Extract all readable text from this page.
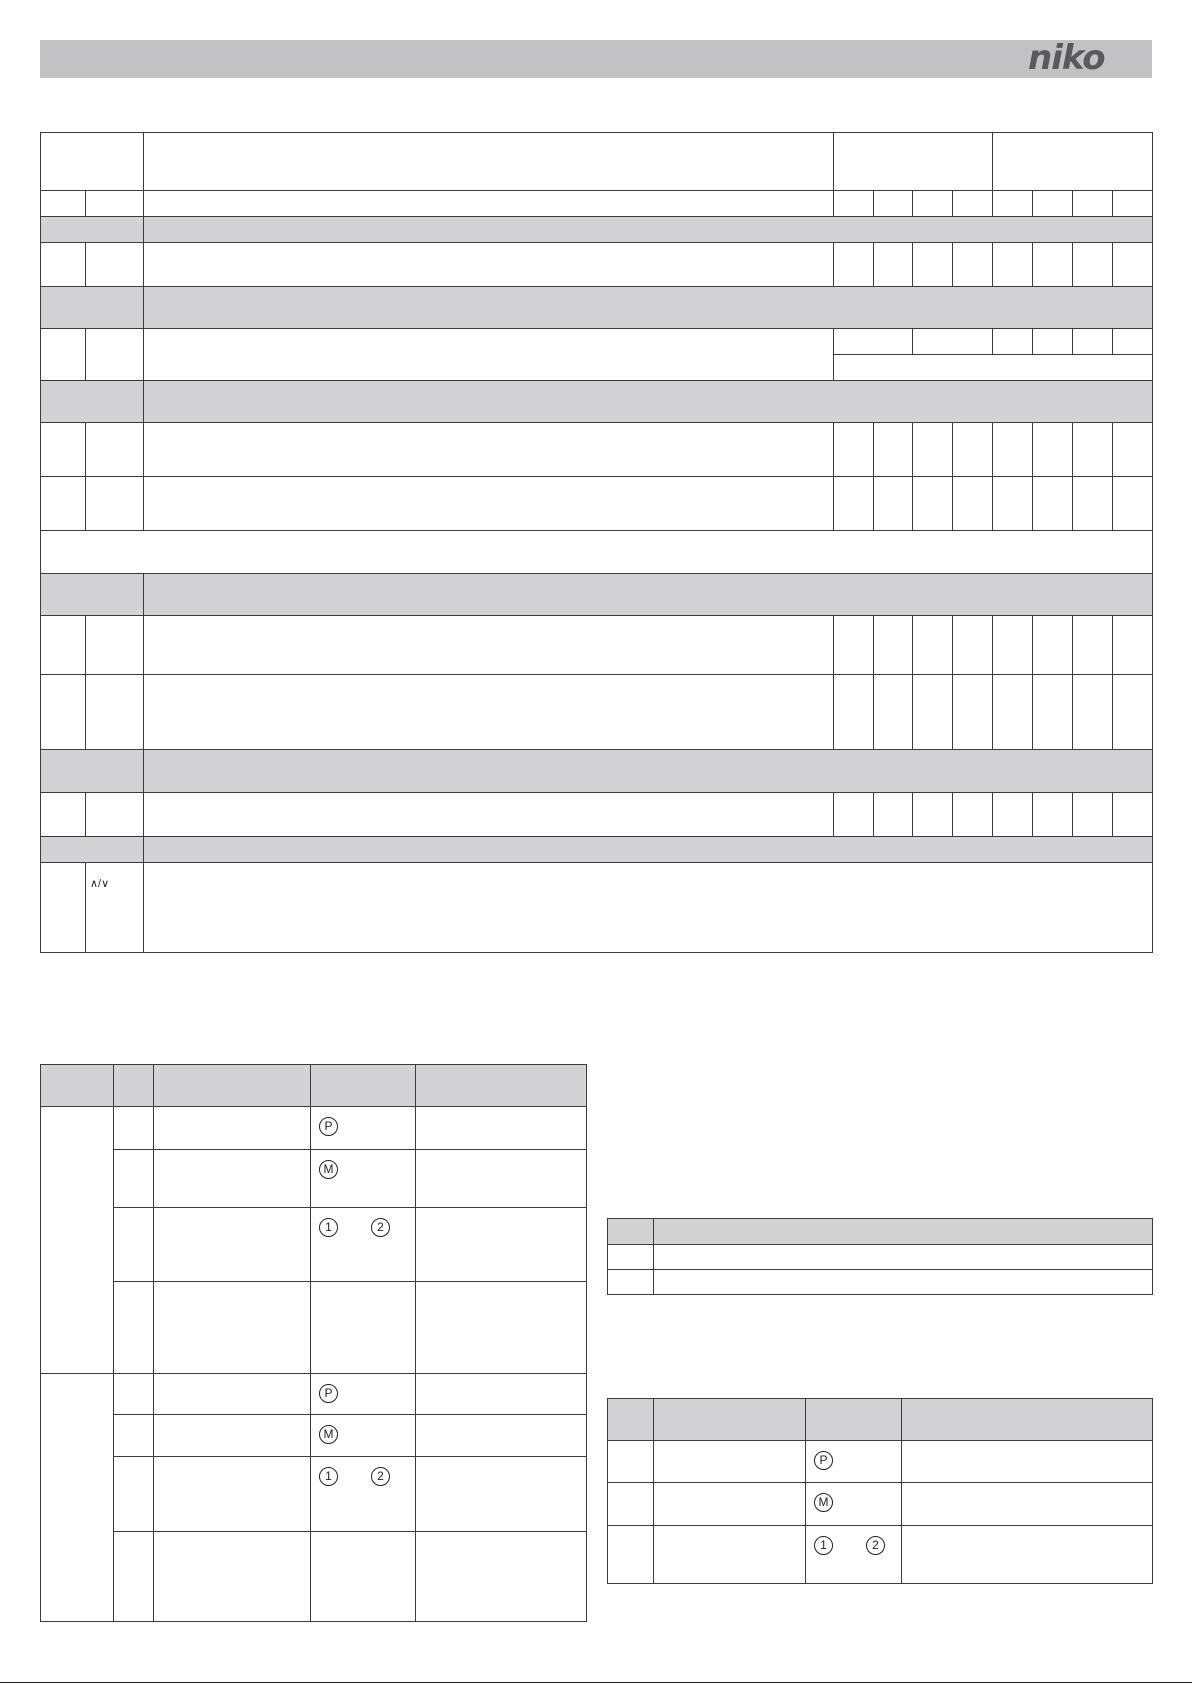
niko

	∧/∨									

			P	

			M	

			1 2	

			P	

			M	

			1 2	

		P	

		M	

		1 2	
